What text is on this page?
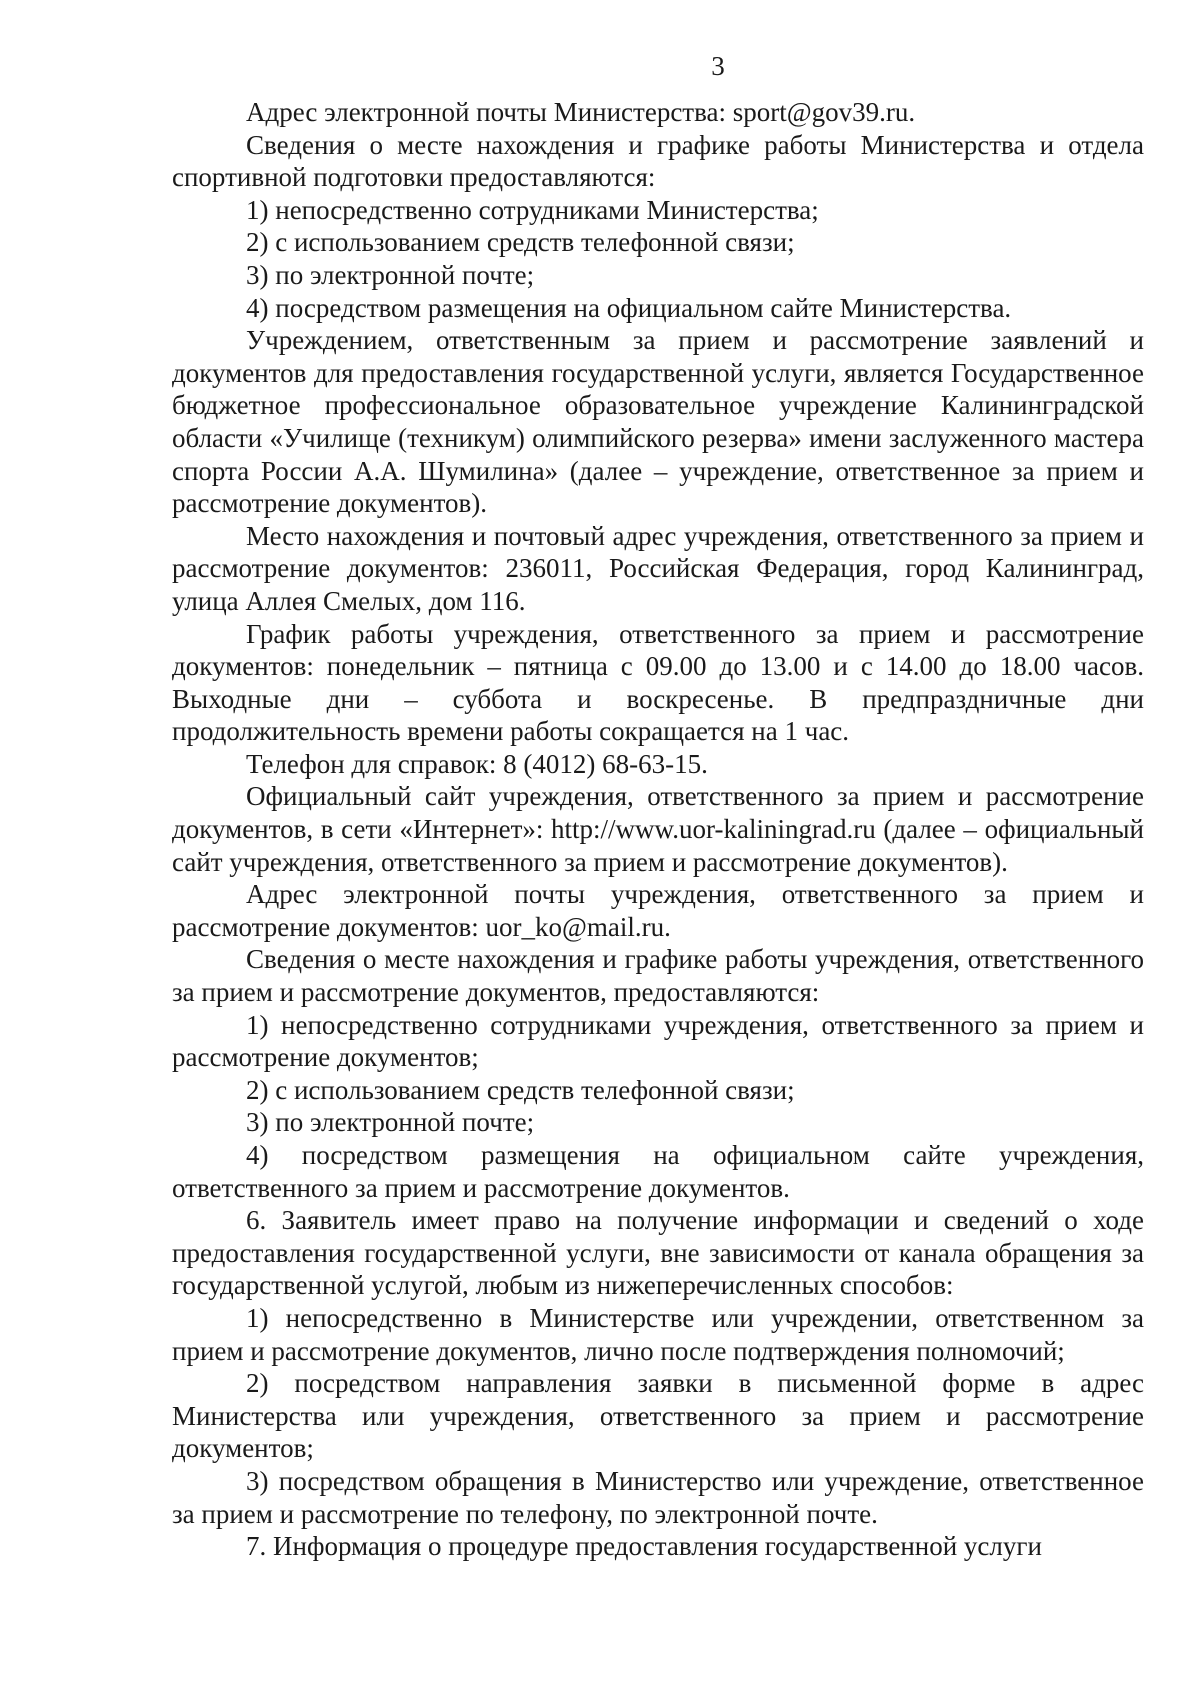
3

Адрес электронной почты Министерства: sport@gov39.ru.

Сведения о месте нахождения и графике работы Министерства и отдела спортивной подготовки предоставляются:

1) непосредственно сотрудниками Министерства;

2) с использованием средств телефонной связи;

3) по электронной почте;

4) посредством размещения на официальном сайте Министерства.

Учреждением, ответственным за прием и рассмотрение заявлений и документов для предоставления государственной услуги, является Государственное бюджетное профессиональное образовательное учреждение Калининградской области «Училище (техникум) олимпийского резерва» имени заслуженного мастера спорта России А.А. Шумилина» (далее – учреждение, ответственное за прием и рассмотрение документов).

Место нахождения и почтовый адрес учреждения, ответственного за прием и рассмотрение документов: 236011, Российская Федерация, город Калининград, улица Аллея Смелых, дом 116.

График работы учреждения, ответственного за прием и рассмотрение документов: понедельник – пятница с 09.00 до 13.00 и с 14.00 до 18.00 часов. Выходные дни – суббота и воскресенье. В предпраздничные дни продолжительность времени работы сокращается на 1 час.

Телефон для справок: 8 (4012) 68-63-15.

Официальный сайт учреждения, ответственного за прием и рассмотрение документов, в сети «Интернет»: http://www.uor-kaliningrad.ru (далее – официальный сайт учреждения, ответственного за прием и рассмотрение документов).

Адрес электронной почты учреждения, ответственного за прием и рассмотрение документов: uor_ko@mail.ru.

Сведения о месте нахождения и графике работы учреждения, ответственного за прием и рассмотрение документов, предоставляются:

1) непосредственно сотрудниками учреждения, ответственного за прием и рассмотрение документов;

2) с использованием средств телефонной связи;

3) по электронной почте;

4) посредством размещения на официальном сайте учреждения, ответственного за прием и рассмотрение документов.

6. Заявитель имеет право на получение информации и сведений о ходе предоставления государственной услуги, вне зависимости от канала обращения за государственной услугой, любым из нижеперечисленных способов:

1) непосредственно в Министерстве или учреждении, ответственном за прием и рассмотрение документов, лично после подтверждения полномочий;

2) посредством направления заявки в письменной форме в адрес Министерства или учреждения, ответственного за прием и рассмотрение документов;

3) посредством обращения в Министерство или учреждение, ответственное за прием и рассмотрение по телефону, по электронной почте.

7. Информация о процедуре предоставления государственной услуги
